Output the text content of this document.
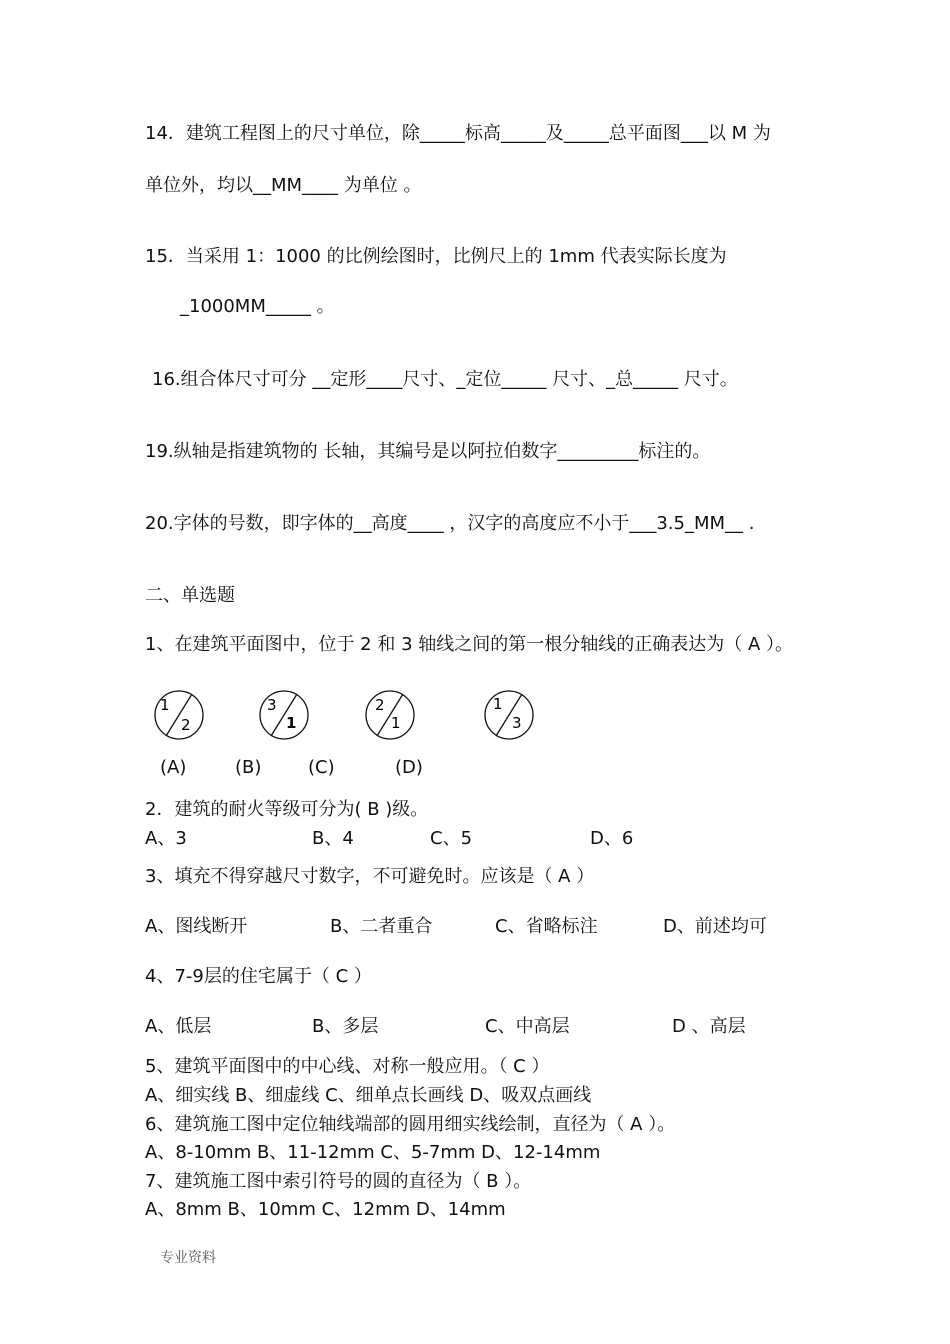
14．建筑工程图上的尺寸单位，除_____标高_____及_____总平面图___以 M 为
单位外，均以__MM____ 为单位 。
15．当采用 1：1000 的比例绘图时，比例尺上的 1mm 代表实际长度为
_1000MM_____ 。
16.组合体尺寸可分 __定形____尺寸、_定位_____ 尺寸、_总_____ 尺寸。
19.纵轴是指建筑物的 长轴，其编号是以阿拉伯数字_________标注的。
20.字体的号数，即字体的__高度____ ，汉字的高度应不小于___3.5_MM__ .
二、单选题
1、在建筑平面图中，位于 2 和 3 轴线之间的第一根分轴线的正确表达为（ A ）。
1
2
3
1
2
1
1
3
(A)	(B)	(C)	(D)
2．建筑的耐火等级可分为( B )级。
A、3	B、4	C、5	D、6
3、填充不得穿越尺寸数字，不可避免时。应该是（ A ）
A、图线断开	B、二者重合	C、省略标注	D、前述均可
4、7-9层的住宅属于（ C ）
A、低层	B、多层	C、中高层	D 、高层
5、建筑平面图中的中心线、对称一般应用。（ C ）
A、细实线 B、细虚线 C、细单点长画线 D、吸双点画线
6、建筑施工图中定位轴线端部的圆用细实线绘制，直径为（ A ）。
A、8-10mm B、11-12mm C、5-7mm D、12-14mm
7、建筑施工图中索引符号的圆的直径为（ B ）。
A、8mm B、10mm C、12mm D、14mm
专业资料
